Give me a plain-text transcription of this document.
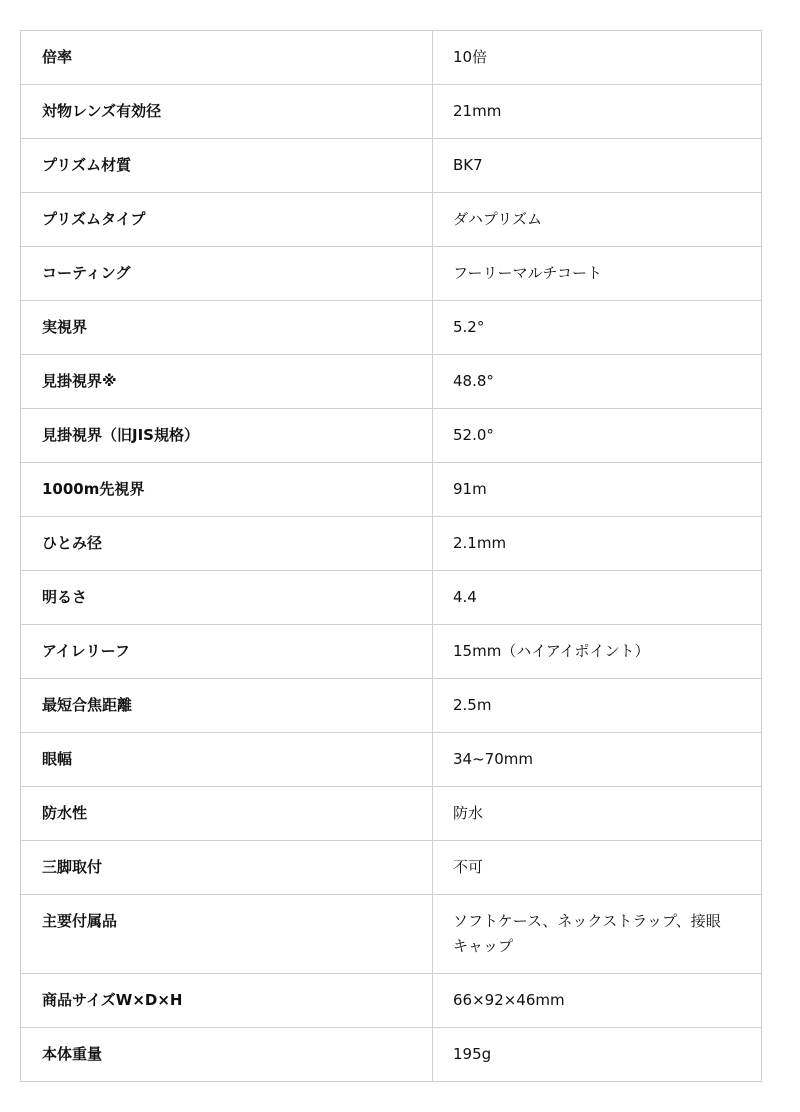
倍率	10倍
対物レンズ有効径	21mm
プリズム材質	BK7
プリズムタイプ	ダハプリズム
コーティング	フーリーマルチコート
実視界	5.2°
見掛視界※	48.8°
見掛視界（旧JIS規格）	52.0°
1000m先視界	91m
ひとみ径	2.1mm
明るさ	4.4
アイレリーフ	15mm（ハイアイポイント）
最短合焦距離	2.5m
眼幅	34~70mm
防水性	防水
三脚取付	不可
主要付属品	ソフトケース、ネックストラップ、接眼キャップ
商品サイズW×D×H	66×92×46mm
本体重量	195g
